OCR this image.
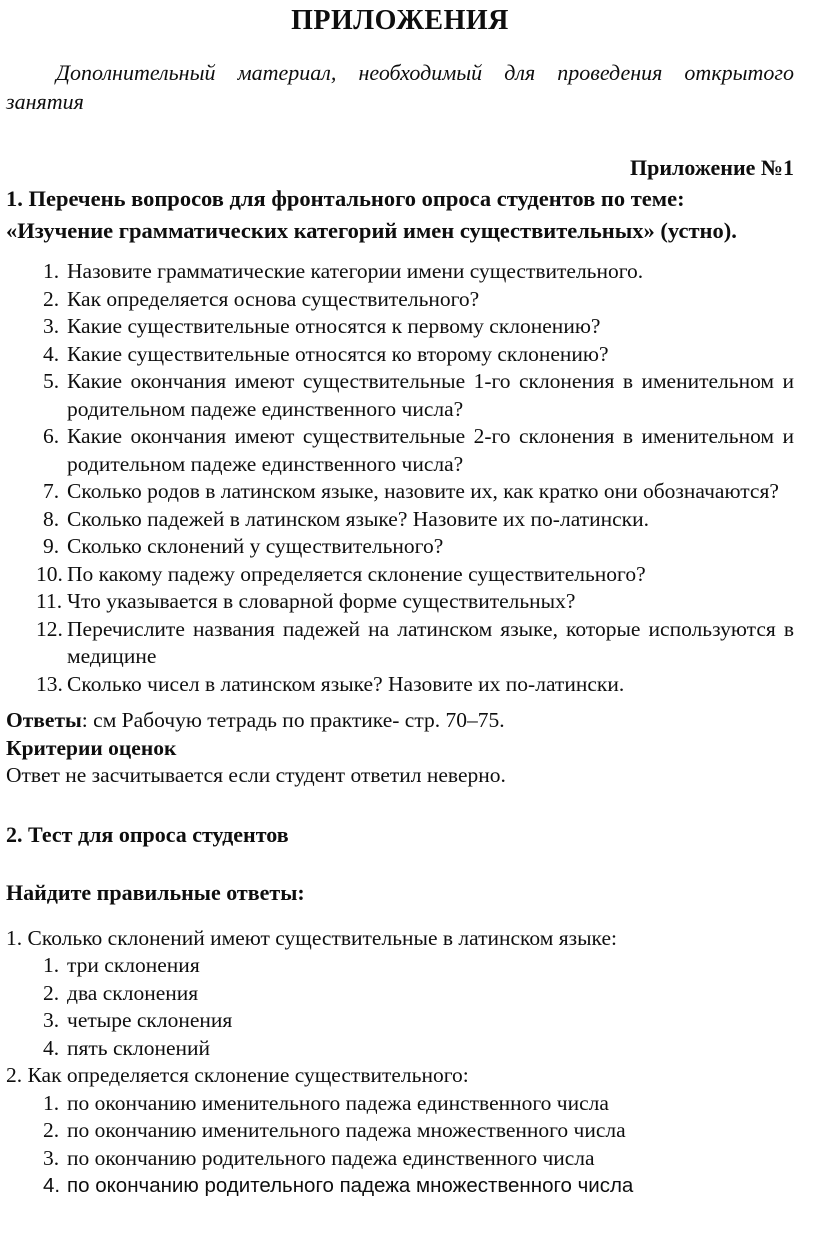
ПРИЛОЖЕНИЯ

Дополнительный материал, необходимый для проведения открытого занятия

Приложение №1

1. Перечень вопросов для фронтального опроса студентов по теме:
«Изучение грамматических категорий имен существительных» (устно).
1. Назовите грамматические категории имени существительного.
2. Как определяется основа существительного?
3. Какие существительные относятся к первому склонению?
4. Какие существительные относятся ко второму склонению?
5. Какие окончания имеют существительные 1-го склонения в именительном и родительном падеже единственного числа?
6. Какие окончания имеют существительные 2-го склонения в именительном и родительном падеже единственного числа?
7. Сколько родов в латинском языке, назовите их, как кратко они обозначаются?
8. Сколько падежей в латинском языке? Назовите их по-латински.
9. Сколько склонений у существительного?
10. По какому падежу определяется склонение существительного?
11. Что указывается в словарной форме существительных?
12. Перечислите названия падежей на латинском языке, которые используются в медицине
13. Сколько чисел в латинском языке? Назовите их по-латински.

Ответы: см Рабочую тетрадь по практике- стр. 70–75.

Критерии оценок

Ответ не засчитывается если студент ответил неверно.

2. Тест для опроса студентов

Найдите правильные ответы:

1. Сколько склонений имеют существительные в латинском языке:

1. три склонения
2. два склонения
3. четыре склонения
4. пять склонений

2. Как определяется склонение существительного:

1. по окончанию именительного падежа единственного числа
2. по окончанию именительного падежа множественного числа
3. по окончанию родительного падежа единственного числа
4. по окончанию родительного падежа множественного числа
